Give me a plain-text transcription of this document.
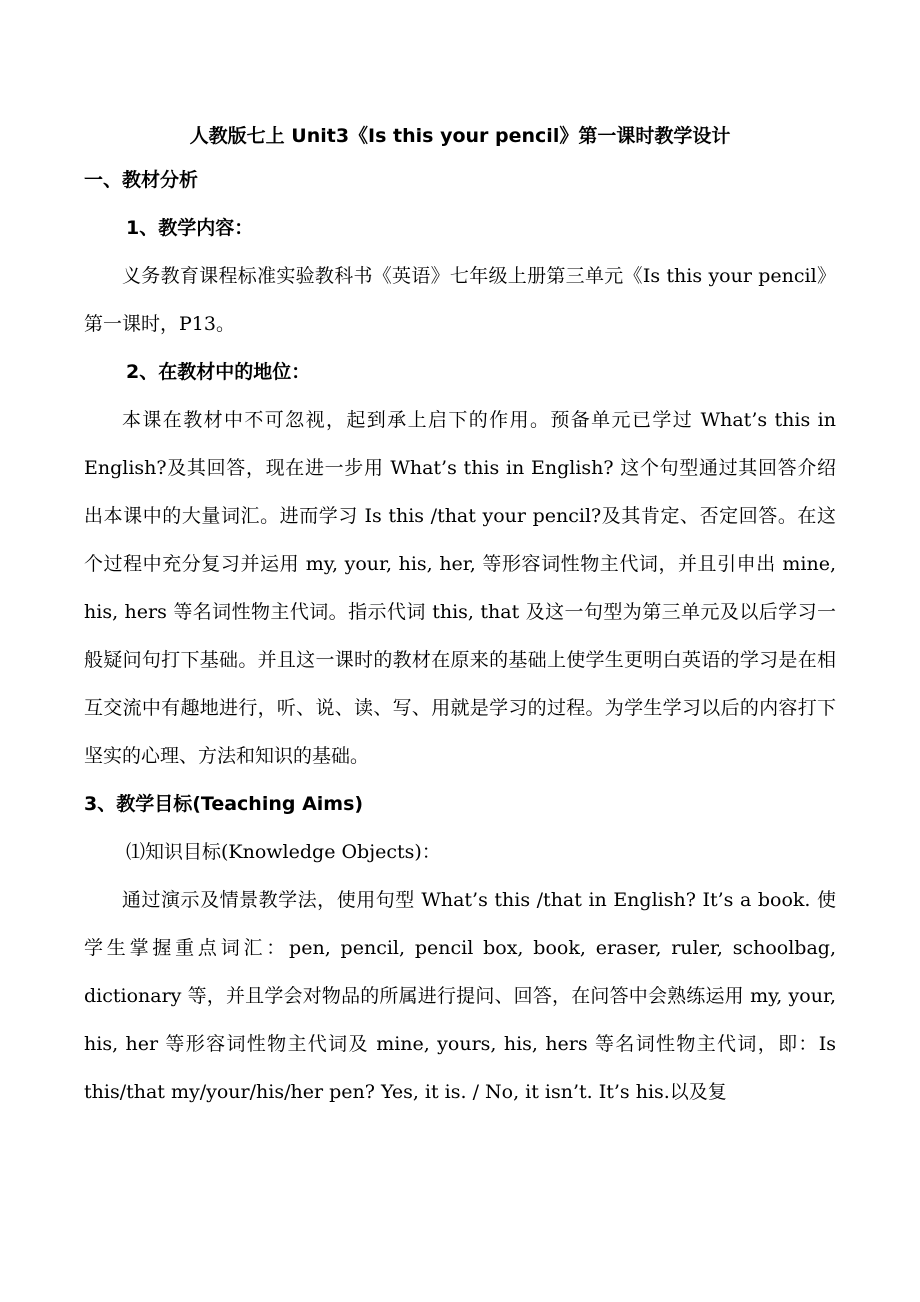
人教版七上 Unit3《Is this your pencil》第一课时教学设计

一、教材分析

1、教学内容：

义务教育课程标准实验教科书《英语》七年级上册第三单元《Is this your pencil》第一课时，P13。

2、在教材中的地位：

本课在教材中不可忽视，起到承上启下的作用。预备单元已学过 What’s this in English?及其回答，现在进一步用 What’s this in English? 这个句型通过其回答介绍出本课中的大量词汇。进而学习 Is this /that your pencil?及其肯定、否定回答。在这个过程中充分复习并运用 my, your, his, her, 等形容词性物主代词，并且引申出 mine, his, hers 等名词性物主代词。指示代词 this, that 及这一句型为第三单元及以后学习一般疑问句打下基础。并且这一课时的教材在原来的基础上使学生更明白英语的学习是在相互交流中有趣地进行，听、说、读、写、用就是学习的过程。为学生学习以后的内容打下坚实的心理、方法和知识的基础。

3、教学目标(Teaching Aims)

⑴知识目标(Knowledge Objects)：

通过演示及情景教学法，使用句型 What’s this /that in English? It’s a book. 使学生掌握重点词汇：pen, pencil, pencil box, book, eraser, ruler, schoolbag, dictionary 等，并且学会对物品的所属进行提问、回答，在问答中会熟练运用 my, your, his, her 等形容词性物主代词及 mine, yours, his, hers 等名词性物主代词，即：Is this/that my/your/his/her pen? Yes, it is. / No, it isn’t. It’s his.以及复
